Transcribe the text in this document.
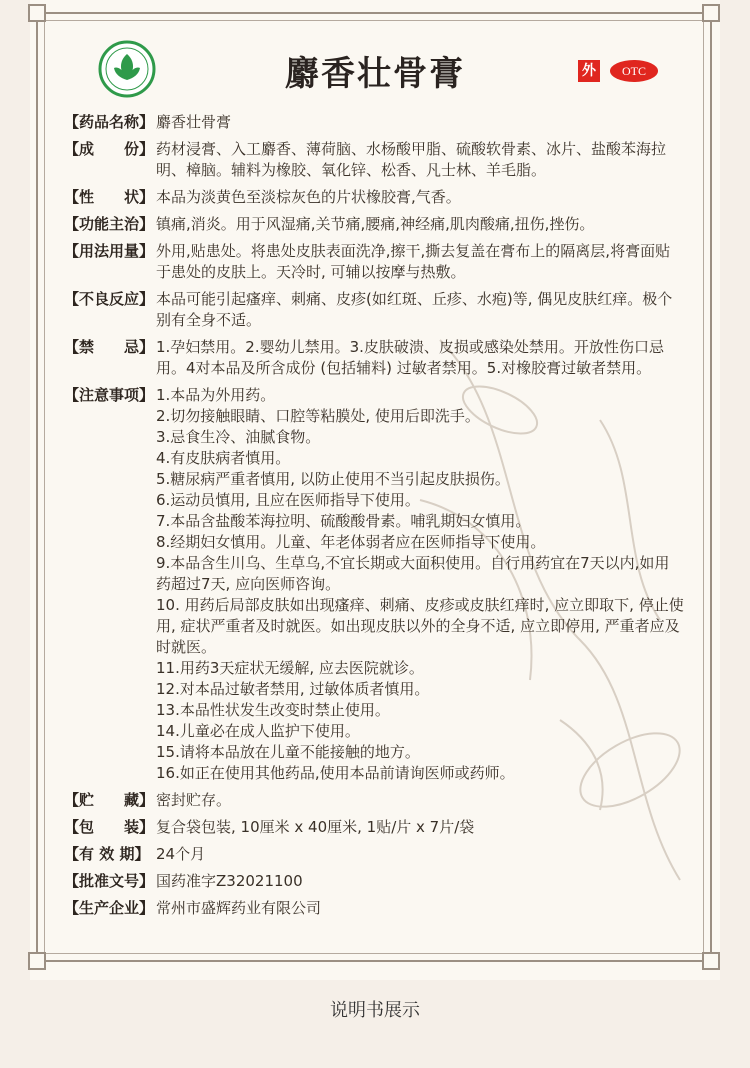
麝香壮骨膏	外	OTC
【药品名称】 麝香壮骨膏
【成　　份】 药材浸膏、入工麝香、薄荷脑、水杨酸甲脂、硫酸软骨素、冰片、盐酸苯海拉明、樟脑。辅料为橡胶、氧化锌、松香、凡士林、羊毛脂。
【性　　状】 本品为淡黄色至淡棕灰色的片状橡胶膏,气香。
【功能主治】 镇痛,消炎。用于风湿痛,关节痛,腰痛,神经痛,肌肉酸痛,扭伤,挫伤。
【用法用量】 外用,贴患处。将患处皮肤表面洗净,擦干,撕去复盖在膏布上的隔离层,将膏面贴于患处的皮肤上。天冷时, 可辅以按摩与热敷。
【不良反应】 本品可能引起瘙痒、刺痛、皮疹(如红斑、丘疹、水疱)等, 偶见皮肤红痒。极个别有全身不适。
【禁　　忌】 1.孕妇禁用。2.婴幼儿禁用。3.皮肤破溃、皮损或感染处禁用。开放性伤口忌用。4对本品及所含成份 (包括辅料) 过敏者禁用。5.对橡胶膏过敏者禁用。
【注意事项】 1.本品为外用药。
2.切勿接触眼睛、口腔等粘膜处, 使用后即洗手。
3.忌食生冷、油腻食物。
4.有皮肤病者慎用。
5.糖尿病严重者慎用, 以防止使用不当引起皮肤损伤。
6.运动员慎用, 且应在医师指导下使用。
7.本品含盐酸苯海拉明、硫酸酸骨素。哺乳期妇女慎用。
8.经期妇女慎用。儿童、年老体弱者应在医师指导下使用。
9.本品含生川乌、生草乌,不宜长期或大面积使用。自行用药宜在7天以内,如用药超过7天, 应向医师咨询。
10. 用药后局部皮肤如出现瘙痒、刺痛、皮疹或皮肤红痒时, 应立即取下, 停止使用, 症状严重者及时就医。如出现皮肤以外的全身不适, 应立即停用, 严重者应及时就医。
11.用药3天症状无缓解, 应去医院就诊。
12.对本品过敏者禁用, 过敏体质者慎用。
13.本品性状发生改变时禁止使用。
14.儿童必在成人监护下使用。
15.请将本品放在儿童不能接触的地方。
16.如正在使用其他药品,使用本品前请询医师或药师。
【贮　　藏】 密封贮存。
【包　　装】 复合袋包装, 10厘米 x 40厘米, 1贴/片 x 7片/袋
【有 效 期】 24个月
【批准文号】 国药准字Z32021100
【生产企业】 常州市盛辉药业有限公司
说明书展示
